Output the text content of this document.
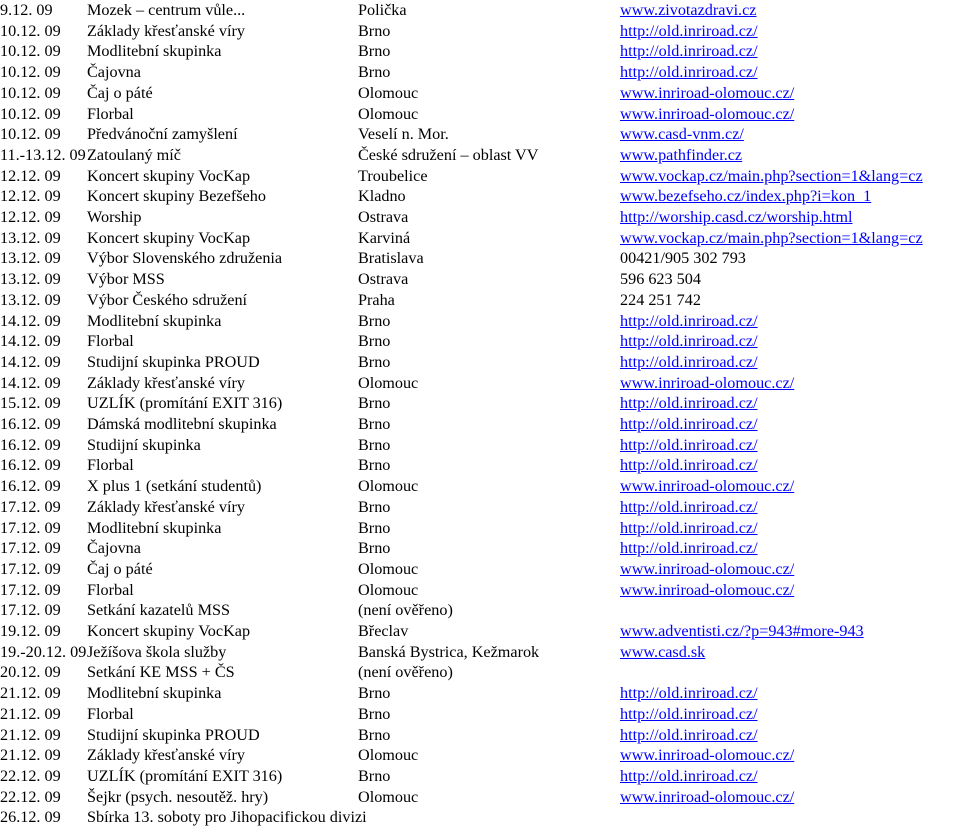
9.12. 09 Mozek – centrum vůle...	Polička	www.zivotazdravi.cz
10.12. 09 Základy křesťanské víry	Brno	http://old.inriroad.cz/
10.12. 09 Modlitební skupinka	Brno	http://old.inriroad.cz/
10.12. 09 Čajovna	Brno	http://old.inriroad.cz/
10.12. 09 Čaj o páté	Olomouc	www.inriroad-olomouc.cz/
10.12. 09 Florbal	Olomouc	www.inriroad-olomouc.cz/
10.12. 09 Předvánoční zamyšlení	Veselí n. Mor.	www.casd-vnm.cz/
11.-13.12. 09 Zatoulaný míč	České sdružení – oblast VV	www.pathfinder.cz
12.12. 09 Koncert skupiny VocKap	Troubelice	www.vockap.cz/main.php?section=1&lang=cz
12.12. 09 Koncert skupiny Bezefšeho	Kladno	www.bezefseho.cz/index.php?i=kon_1
12.12. 09 Worship	Ostrava	http://worship.casd.cz/worship.html
13.12. 09 Koncert skupiny VocKap	Karviná	www.vockap.cz/main.php?section=1&lang=cz
13.12. 09 Výbor Slovenského združenia	Bratislava	00421/905 302 793
13.12. 09 Výbor MSS	Ostrava	596 623 504
13.12. 09 Výbor Českého sdružení	Praha	224 251 742
14.12. 09 Modlitební skupinka	Brno	http://old.inriroad.cz/
14.12. 09 Florbal	Brno	http://old.inriroad.cz/
14.12. 09 Studijní skupinka PROUD	Brno	http://old.inriroad.cz/
14.12. 09 Základy křesťanské víry	Olomouc	www.inriroad-olomouc.cz/
15.12. 09 UZLÍK (promítání EXIT 316)	Brno	http://old.inriroad.cz/
16.12. 09 Dámská modlitební skupinka	Brno	http://old.inriroad.cz/
16.12. 09 Studijní skupinka	Brno	http://old.inriroad.cz/
16.12. 09 Florbal	Brno	http://old.inriroad.cz/
16.12. 09 X plus 1 (setkání studentů)	Olomouc	www.inriroad-olomouc.cz/
17.12. 09 Základy křesťanské víry	Brno	http://old.inriroad.cz/
17.12. 09 Modlitební skupinka	Brno	http://old.inriroad.cz/
17.12. 09 Čajovna	Brno	http://old.inriroad.cz/
17.12. 09 Čaj o páté	Olomouc	www.inriroad-olomouc.cz/
17.12. 09 Florbal	Olomouc	www.inriroad-olomouc.cz/
17.12. 09 Setkání kazatelů MSS	(není ověřeno)
19.12. 09 Koncert skupiny VocKap	Břeclav	www.adventisti.cz/?p=943#more-943
19.-20.12. 09 Ježíšova škola služby	Banská Bystrica, Kežmarok	www.casd.sk
20.12. 09 Setkání KE MSS + ČS	(není ověřeno)
21.12. 09 Modlitební skupinka	Brno	http://old.inriroad.cz/
21.12. 09 Florbal	Brno	http://old.inriroad.cz/
21.12. 09 Studijní skupinka PROUD	Brno	http://old.inriroad.cz/
21.12. 09 Základy křesťanské víry	Olomouc	www.inriroad-olomouc.cz/
22.12. 09 UZLÍK (promítání EXIT 316)	Brno	http://old.inriroad.cz/
22.12. 09 Šejkr (psych. nesoutěž. hry)	Olomouc	www.inriroad-olomouc.cz/
26.12. 09 Sbírka 13. soboty pro Jihopacifickou divizi
